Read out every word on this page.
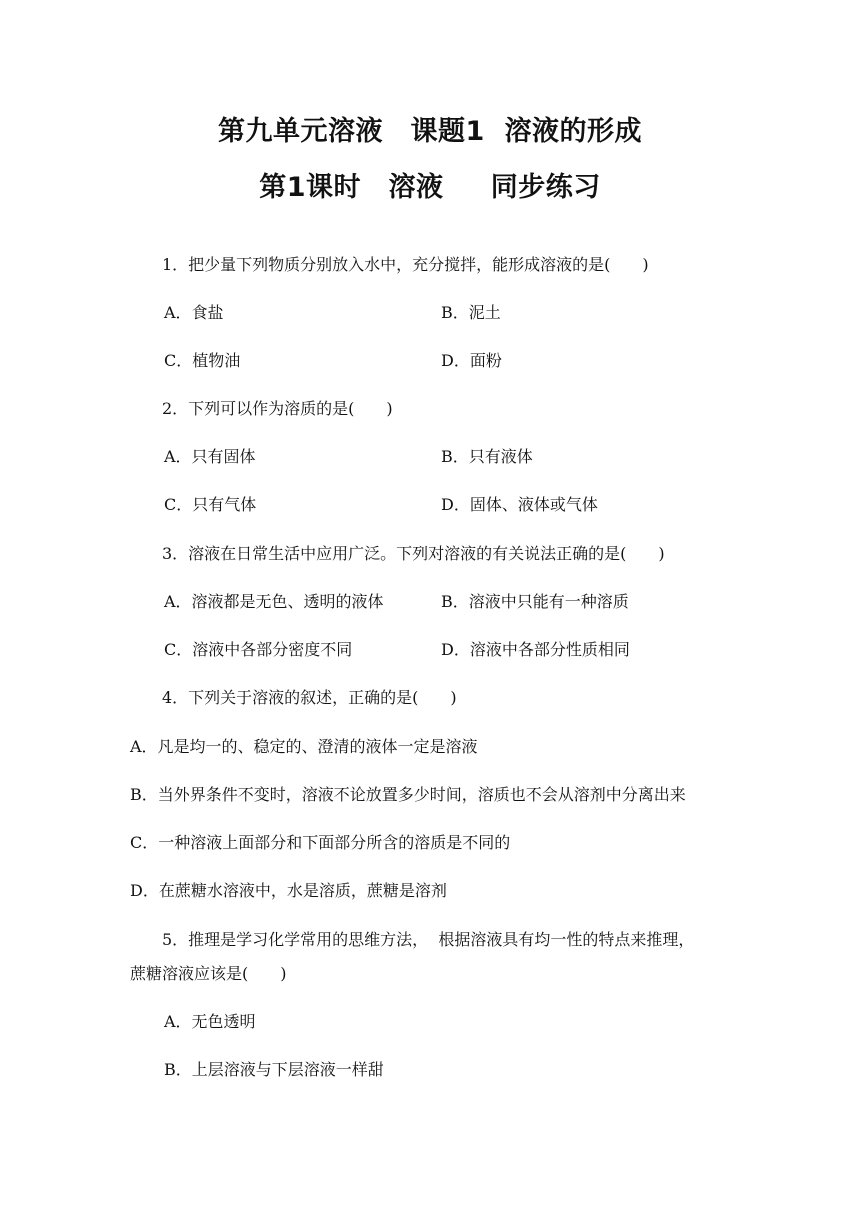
第九单元溶液　课题1  溶液的形成
第1课时　溶液　  同步练习
1．把少量下列物质分别放入水中，充分搅拌，能形成溶液的是(　　)
A．食盐	B．泥土
C．植物油	D．面粉
2．下列可以作为溶质的是(　　)
A．只有固体	B．只有液体
C．只有气体	D．固体、液体或气体
3．溶液在日常生活中应用广泛。下列对溶液的有关说法正确的是(　　)
A．溶液都是无色、透明的液体	B．溶液中只能有一种溶质
C．溶液中各部分密度不同	D．溶液中各部分性质相同
4．下列关于溶液的叙述，正确的是(　　)
A．凡是均一的、稳定的、澄清的液体一定是溶液
B．当外界条件不变时，溶液不论放置多少时间，溶质也不会从溶剂中分离出来
C．一种溶液上面部分和下面部分所含的溶质是不同的
D．在蔗糖水溶液中，水是溶质，蔗糖是溶剂
5．推理是学习化学常用的思维方法，  根据溶液具有均一性的特点来推理，
蔗糖溶液应该是(　　)
A．无色透明
B．上层溶液与下层溶液一样甜
